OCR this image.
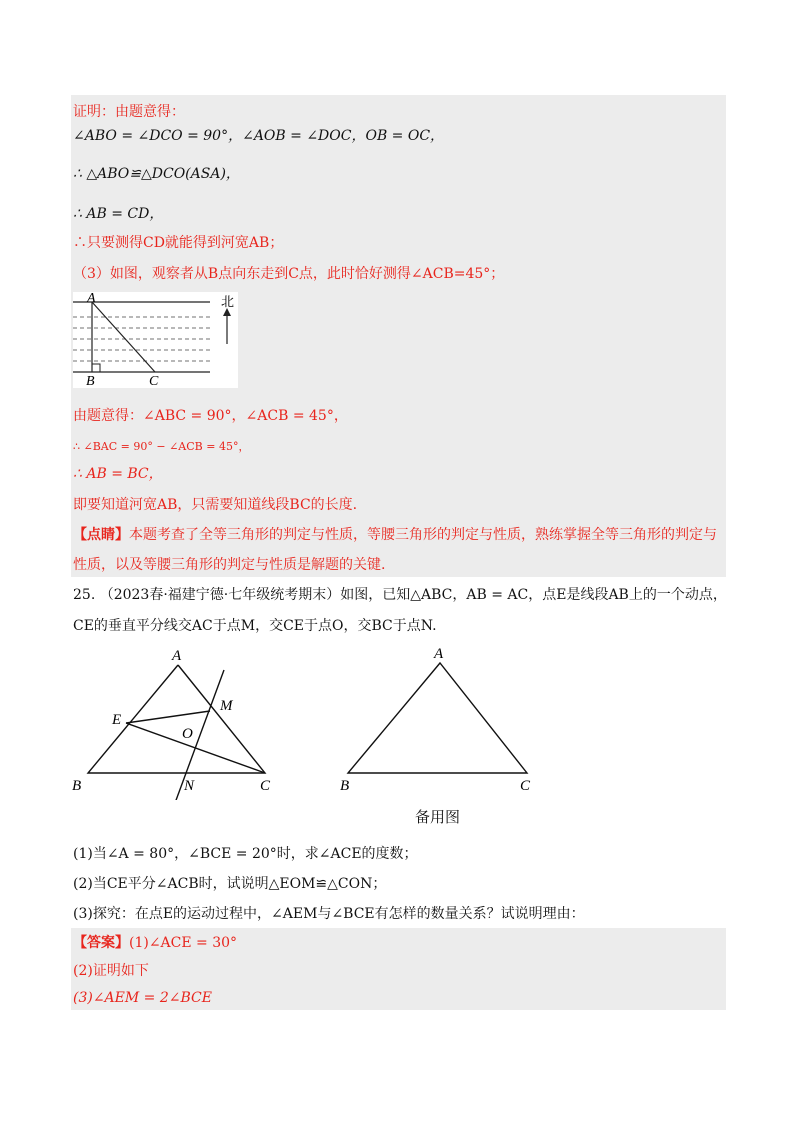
证明：由题意得：
∠ABO = ∠DCO = 90°，∠AOB = ∠DOC，OB = OC，
∴ △ABO≌△DCO(ASA)，
∴ AB = CD，
∴只要测得CD就能得到河宽AB；
（3）如图，观察者从B点向东走到C点，此时恰好测得∠ACB=45°；
A
B	C
北
由题意得：∠ABC = 90°，∠ACB = 45°，
∴ ∠BAC = 90° − ∠ACB = 45°，
∴ AB = BC，
即要知道河宽AB，只需要知道线段BC的长度.
【点睛】本题考查了全等三角形的判定与性质，等腰三角形的判定与性质，熟练掌握全等三角形的判定与
性质，以及等腰三角形的判定与性质是解题的关键.
25. （2023春·福建宁德·七年级统考期末）如图，已知△ABC，AB = AC，点E是线段AB上的一个动点，
CE的垂直平分线交AC于点M，交CE于点O，交BC于点N.
A
B	C
E
M
O
N
A
B	C
备用图
(1)当∠A = 80°，∠BCE = 20°时，求∠ACE的度数；
(2)当CE平分∠ACB时，试说明△EOM≌△CON；
(3)探究：在点E的运动过程中，∠AEM与∠BCE有怎样的数量关系？试说明理由：
【答案】(1)∠ACE = 30°
(2)证明如下
(3)∠AEM = 2∠BCE
